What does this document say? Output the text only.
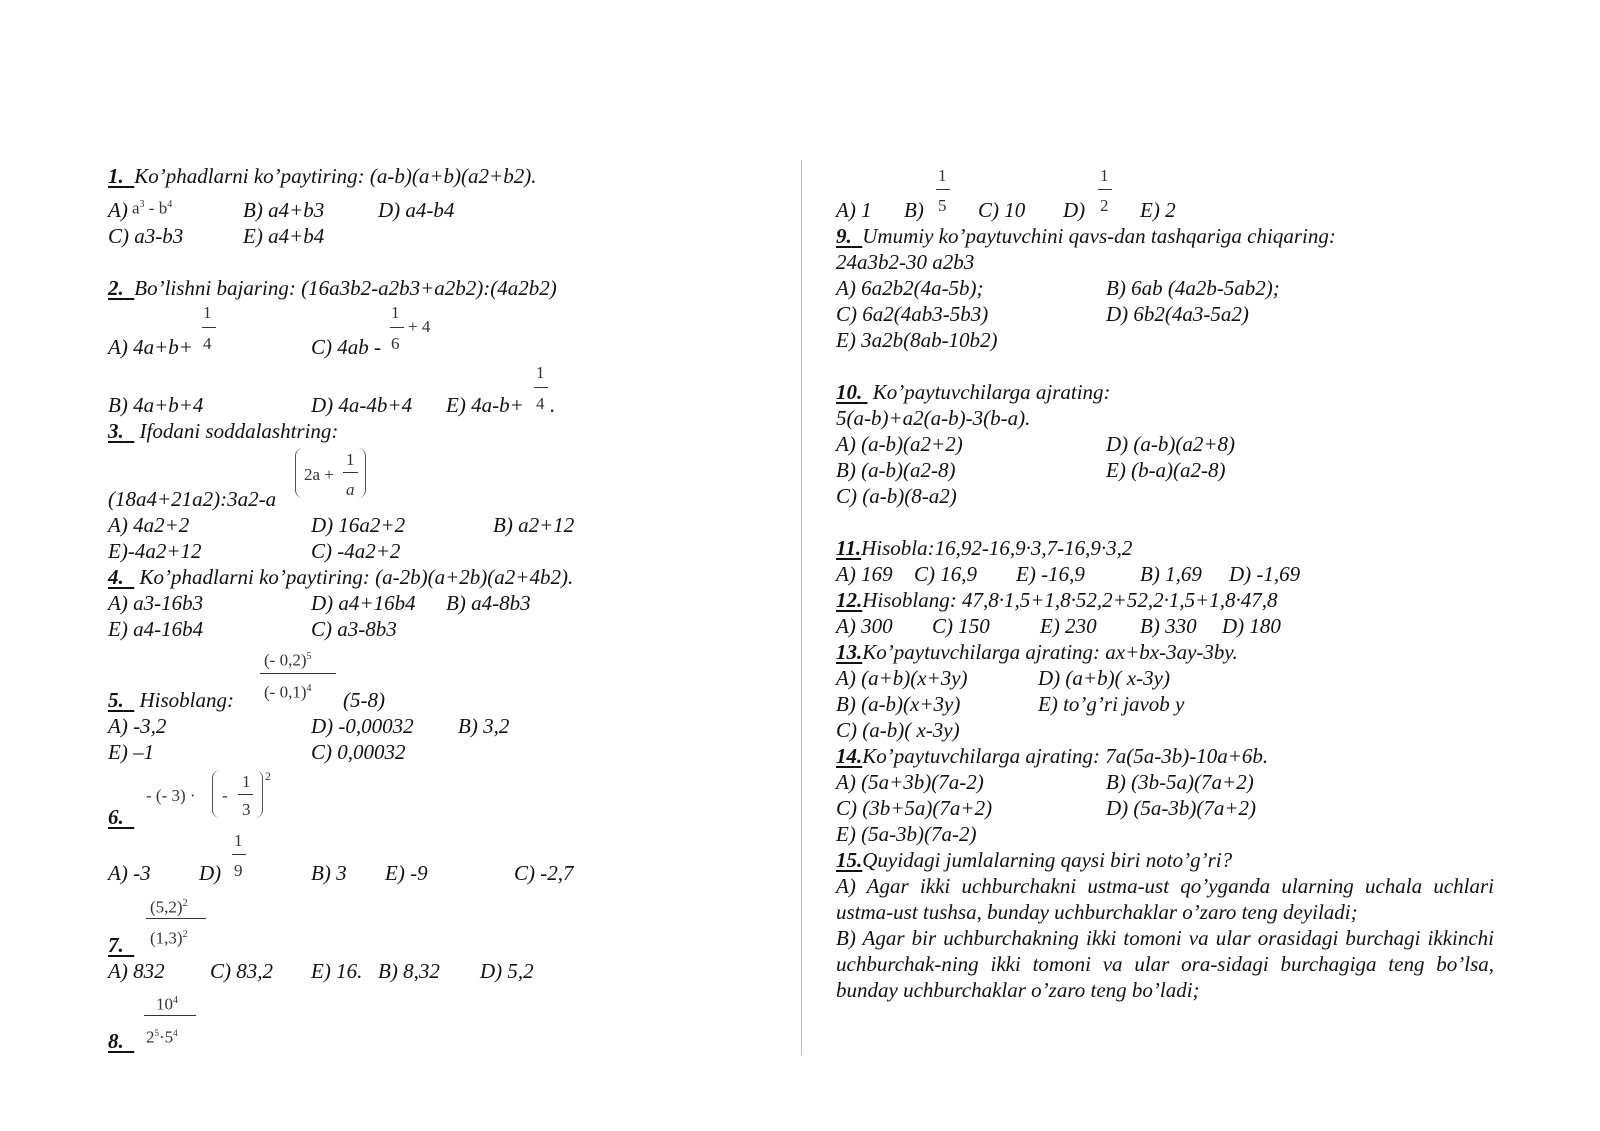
1. Ko’phadlarni ko’paytiring: (a-b)(a+b)(a2+b2).
A) $a^3 - b^4$	B) a4+b3	D) a4-b4
C) a3-b3	E) a4+b4
2. Bo’lishni bajaring: (16a3b2-a2b3+a2b2):(4a2b2)
1
4
A) 4a+b+	C) 4ab -
1
6
+ 4
1
B) 4a+b+4	D) 4a-4b+4 E) 4a-b+ 4 .
3. Ifodani soddalashtring:
2a +
1
a
(18a4+21a2):3a2-a
A) 4a2+2	D) 16a2+2	B) a2+12
E)-4a2+12	C) -4a2+2
4. Ko’phadlarni ko’paytiring: (a-2b)(a+2b)(a2+4b2).
A) a3-16b3	D) a4+16b4 B) a4-8b3
E) a4-16b4	C) a3-8b3
(- 0,2)$^5$
(- 0,1)$^4$
5. Hisoblang:	(5-8)
A) -3,2	D) -0,00032 B) 3,2
E) –1	C) 0,00032
- (- 3) · -
1
3
2
6.
1
A) -3 D) 9	B) 3 E) -9	C) -2,7
$(5,2)^2$
$(1,3)^2$
7.
A) 832 C) 83,2 E) 16. B) 8,32 D) 5,2
$10^4$
$2^5\cdot 5^4$
8.
1	1
A) 1 B) 5 C) 10 D) 2 E) 2
9. Umumiy ko’paytuvchini qavs-dan tashqariga chiqaring:
24a3b2-30 a2b3
A) 6a2b2(4a-5b);	B) 6ab (4a2b-5ab2);
C) 6a2(4ab3-5b3)	D) 6b2(4a3-5a2)
E) 3a2b(8ab-10b2)
10. Ko’paytuvchilarga ajrating:
5(a-b)+a2(a-b)-3(b-a).
A) (a-b)(a2+2)	D) (a-b)(a2+8)
B) (a-b)(a2-8)	E) (b-a)(a2-8)
C) (a-b)(8-a2)
11.Hisobla:16,92-16,9·3,7-16,9·3,2
A) 169 C) 16,9 E) -16,9	B) 1,69 D) -1,69
12.Hisoblang: 47,8·1,5+1,8·52,2+52,2·1,5+1,8·47,8
A) 300 C) 150 E) 230 B) 330 D) 180
13.Ko’paytuvchilarga ajrating: ax+bx-3ay-3by.
A) (a+b)(x+3y)	D) (a+b)( x-3y)
B) (a-b)(x+3y)	E) to’g’ri javob y
C) (a-b)( x-3y)
14.Ko’paytuvchilarga ajrating: 7a(5a-3b)-10a+6b.
A) (5a+3b)(7a-2)	B) (3b-5a)(7a+2)
C) (3b+5a)(7a+2)	D) (5a-3b)(7a+2)
E) (5a-3b)(7a-2)
15.Quyidagi jumlalarning qaysi biri noto’g’ri?
A) Agar ikki uchburchakni ustma-ust qo’yganda ularning uchala uchlari ustma-ust tushsa, bunday uchburchaklar o’zaro teng deyiladi;
B) Agar bir uchburchakning ikki tomoni va ular orasidagi burchagi ikkinchi uchburchak-ning ikki tomoni va ular ora-sidagi burchagiga teng bo’lsa, bunday uchburchaklar o’zaro teng bo’ladi;
